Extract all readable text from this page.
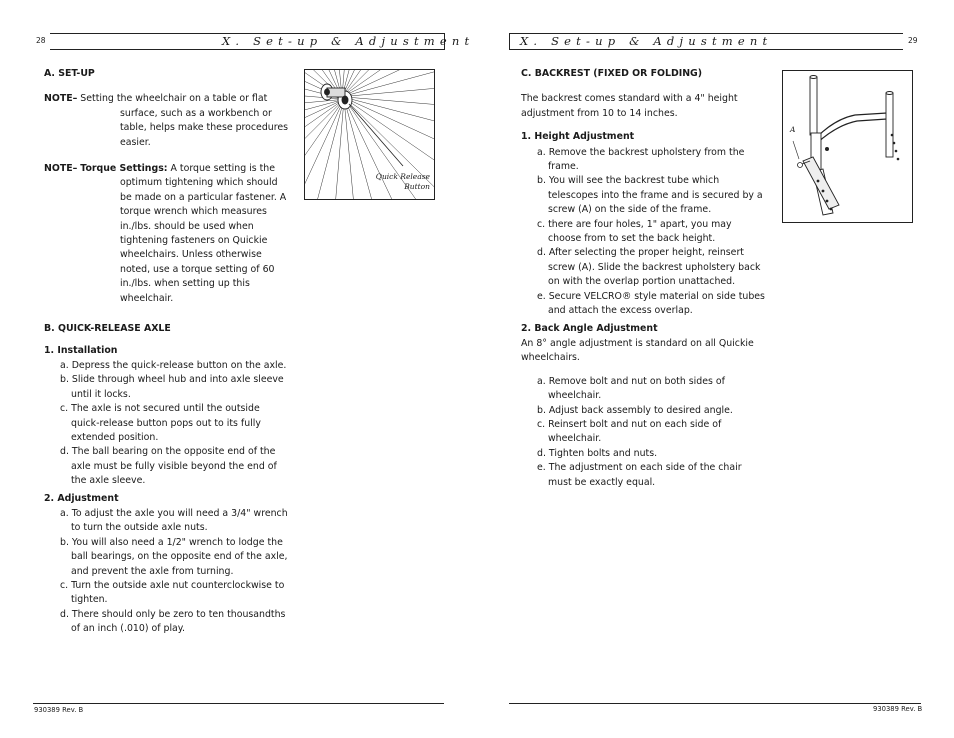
28	X. Set-up & Adjustment

A. SET-UP

NOTE– Setting the wheelchair on a table or flat surface, such as a workbench or table, helps make these procedures easier.

NOTE– Torque Settings: A torque setting is the optimum tightening which should be made on a particular fastener. A torque wrench which measures in./lbs. should be used when tightening fasteners on Quickie wheelchairs. Unless otherwise noted, use a torque setting of 60 in./lbs. when setting up this wheelchair.

B. QUICK-RELEASE AXLE

1. Installation

a. Depress the quick-release button on the axle.

b. Slide through wheel hub and into axle sleeve until it locks.

c. The axle is not secured until the outside quick-release button pops out to its fully extended position.

d. The ball bearing on the opposite end of the axle must be fully visible beyond the end of the axle sleeve.

2. Adjustment

a. To adjust the axle you will need a 3/4" wrench to turn the outside axle nuts.

b. You will also need a 1/2" wrench to lodge the ball bearings, on the opposite end of the axle, and prevent the axle from turning.

c. Turn the outside axle nut counterclockwise to tighten.

d. There should only be zero to ten thousandths of an inch (.010) of play.

Quick Release
Button
930389 Rev. B
X. Set-up & Adjustment	29

C. BACKREST (FIXED OR FOLDING)

The backrest comes standard with a 4" height adjustment from 10 to 14 inches.

1. Height Adjustment

a. Remove the backrest upholstery from the frame.

b. You will see the backrest tube which telescopes into the frame and is secured by a screw (A) on the side of the frame.

c. there are four holes, 1" apart, you may choose from to set the back height.

d. After selecting the proper height, reinsert screw (A). Slide the backrest upholstery back on with the overlap portion unattached.

e. Secure VELCRO® style material on side tubes and attach the excess overlap.

2. Back Angle Adjustment

An 8° angle adjustment is standard on all Quickie wheelchairs.

a. Remove bolt and nut on both sides of wheelchair.

b. Adjust back assembly to desired angle.

c. Reinsert bolt and nut on each side of wheelchair.

d. Tighten bolts and nuts.

e. The adjustment on each side of the chair must be exactly equal.

A
930389 Rev. B
